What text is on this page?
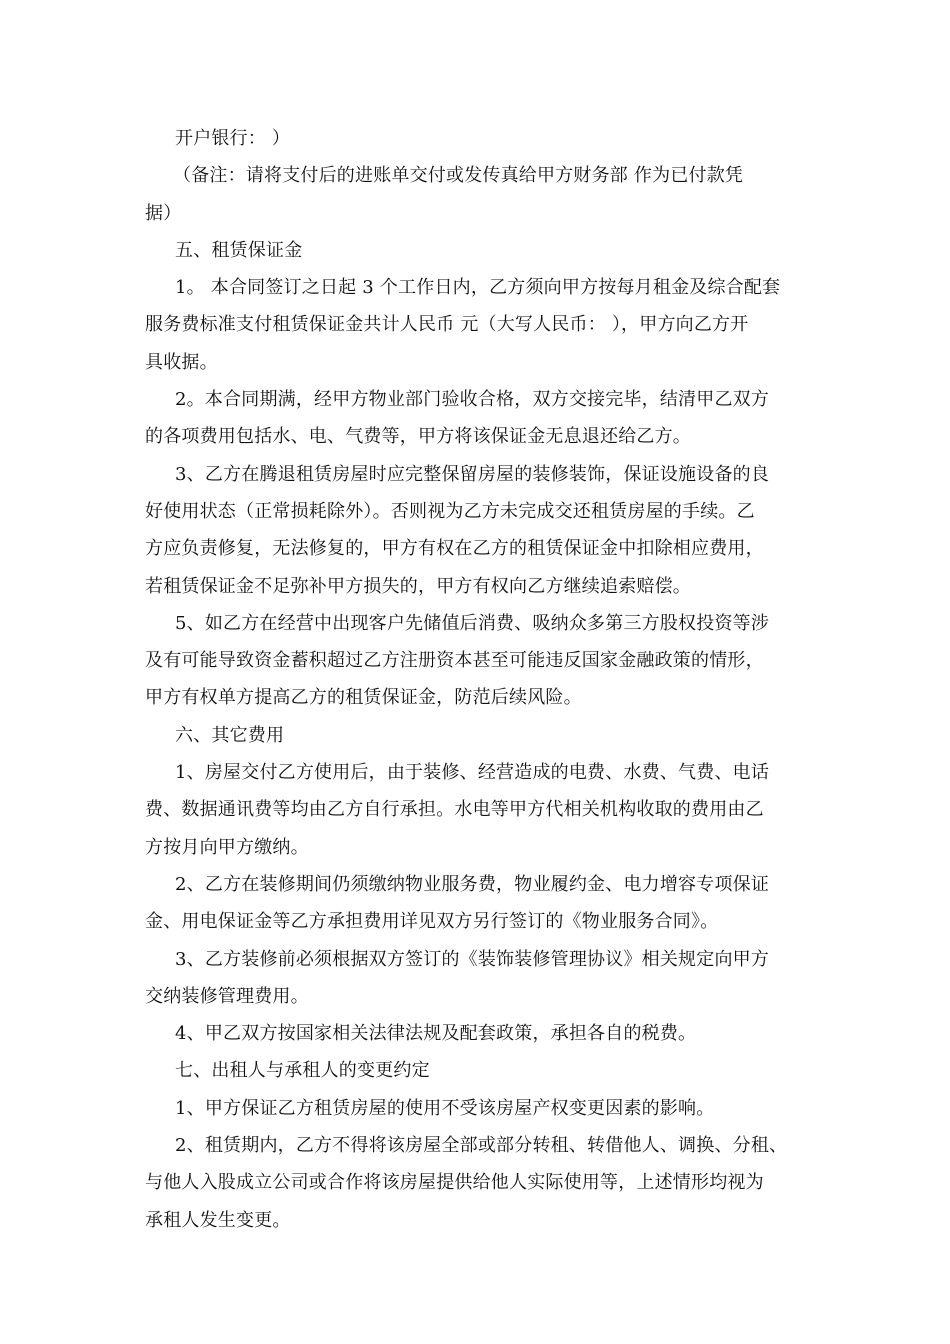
开户银行： ）
（备注：请将支付后的进账单交付或发传真给甲方财务部 作为已付款凭
据）
五、租赁保证金
1。 本合同签订之日起 3 个工作日内，乙方须向甲方按每月租金及综合配套
服务费标准支付租赁保证金共计人民币 元（大写人民币： ），甲方向乙方开
具收据。
2。本合同期满，经甲方物业部门验收合格，双方交接完毕，结清甲乙双方
的各项费用包括水、电、气费等，甲方将该保证金无息退还给乙方。
3、乙方在腾退租赁房屋时应完整保留房屋的装修装饰，保证设施设备的良
好使用状态（正常损耗除外）。否则视为乙方未完成交还租赁房屋的手续。乙
方应负责修复，无法修复的，甲方有权在乙方的租赁保证金中扣除相应费用，
若租赁保证金不足弥补甲方损失的，甲方有权向乙方继续追索赔偿。
5、如乙方在经营中出现客户先储值后消费、吸纳众多第三方股权投资等涉
及有可能导致资金蓄积超过乙方注册资本甚至可能违反国家金融政策的情形，
甲方有权单方提高乙方的租赁保证金，防范后续风险。
六、其它费用
1、房屋交付乙方使用后，由于装修、经营造成的电费、水费、气费、电话
费、数据通讯费等均由乙方自行承担。水电等甲方代相关机构收取的费用由乙
方按月向甲方缴纳。
2、乙方在装修期间仍须缴纳物业服务费，物业履约金、电力增容专项保证
金、用电保证金等乙方承担费用详见双方另行签订的《物业服务合同》。
3、乙方装修前必须根据双方签订的《装饰装修管理协议》相关规定向甲方
交纳装修管理费用。
4、甲乙双方按国家相关法律法规及配套政策，承担各自的税费。
七、出租人与承租人的变更约定
1、甲方保证乙方租赁房屋的使用不受该房屋产权变更因素的影响。
2、租赁期内，乙方不得将该房屋全部或部分转租、转借他人、调换、分租、
与他人入股成立公司或合作将该房屋提供给他人实际使用等，上述情形均视为
承租人发生变更。
